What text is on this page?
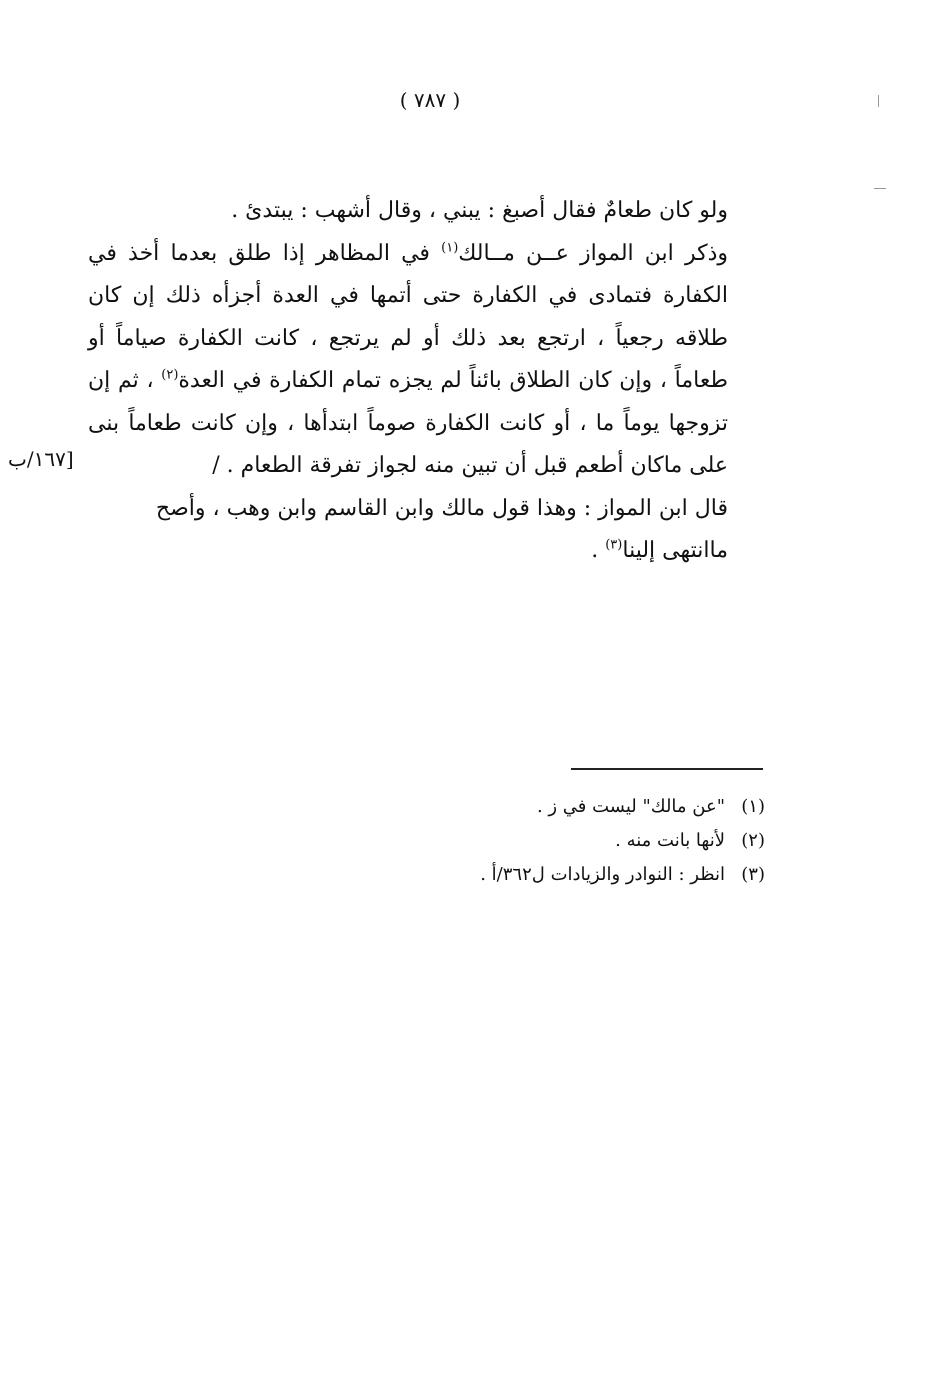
( ٧٨٧ )

ولو كان طعامٌ فقال أصبغ : يبني ، وقال أشهب : يبتدئ .

وذكر ابن المواز عــن مــالك$^{(١)}$ في المظاهر إذا طلق بعدما أخذ في الكفارة فتمادى في الكفارة حتى أتمها في العدة أجزأه ذلك إن كان طلاقه رجعياً ، ارتجع بعد ذلك أو لم يرتجع ، كانت الكفارة صياماً أو طعاماً ، وإن كان الطلاق بائناً لم يجزه تمام الكفارة في العدة$^{(٢)}$ ، ثم إن تزوجها يوماً ما ، أو كانت الكفارة صوماً ابتدأها ، وإن كانت طعاماً بنى على ماكان أطعم قبل أن تبين منه لجواز تفرقة الطعام . /

قال ابن المواز : وهذا قول مالك وابن القاسم وابن وهب ، وأصح ماانتهى إلينا$^{(٣)}$ .

[١٦٧/ب
(١)
"عن مالك" ليست في ز .
(٢)
لأنها بانت منه .
(٣)
انظر : النوادر والزيادات ل٣٦٢/أ .
